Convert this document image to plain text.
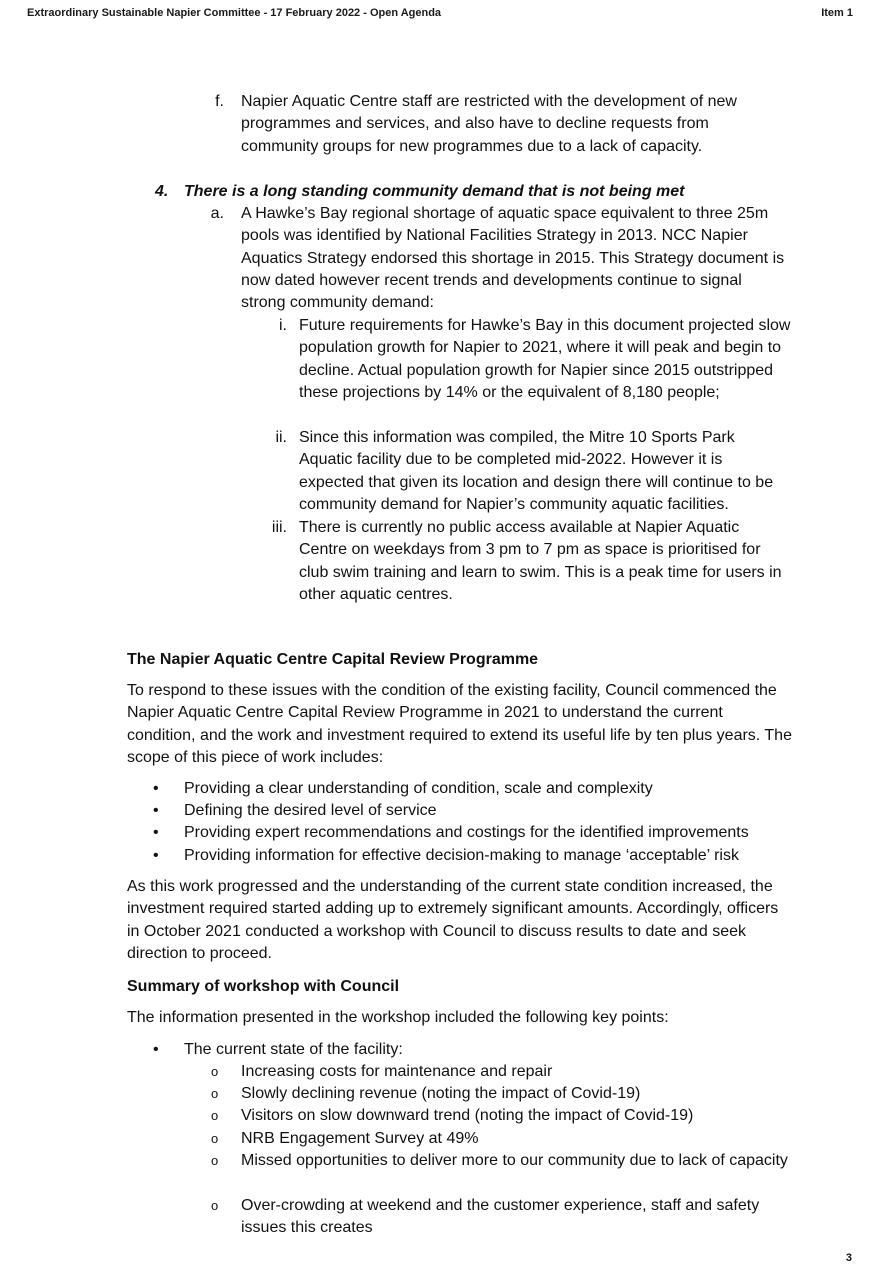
Extraordinary Sustainable Napier Committee - 17 February 2022 - Open Agenda	Item 1
f. Napier Aquatic Centre staff are restricted with the development of new programmes and services, and also have to decline requests from community groups for new programmes due to a lack of capacity.
4. There is a long standing community demand that is not being met
a. A Hawke’s Bay regional shortage of aquatic space equivalent to three 25m pools was identified by National Facilities Strategy in 2013. NCC Napier Aquatics Strategy endorsed this shortage in 2015. This Strategy document is now dated however recent trends and developments continue to signal strong community demand:
i. Future requirements for Hawke’s Bay in this document projected slow population growth for Napier to 2021, where it will peak and begin to decline. Actual population growth for Napier since 2015 outstripped these projections by 14% or the equivalent of 8,180 people;
ii. Since this information was compiled, the Mitre 10 Sports Park Aquatic facility due to be completed mid-2022. However it is expected that given its location and design there will continue to be community demand for Napier’s community aquatic facilities.
iii. There is currently no public access available at Napier Aquatic Centre on weekdays from 3 pm to 7 pm as space is prioritised for club swim training and learn to swim. This is a peak time for users in other aquatic centres.
The Napier Aquatic Centre Capital Review Programme
To respond to these issues with the condition of the existing facility, Council commenced the Napier Aquatic Centre Capital Review Programme in 2021 to understand the current condition, and the work and investment required to extend its useful life by ten plus years. The scope of this piece of work includes:
• Providing a clear understanding of condition, scale and complexity
• Defining the desired level of service
• Providing expert recommendations and costings for the identified improvements
• Providing information for effective decision-making to manage ‘acceptable’ risk
As this work progressed and the understanding of the current state condition increased, the investment required started adding up to extremely significant amounts. Accordingly, officers in October 2021 conducted a workshop with Council to discuss results to date and seek direction to proceed.
Summary of workshop with Council
The information presented in the workshop included the following key points:
• The current state of the facility:
o Increasing costs for maintenance and repair
o Slowly declining revenue (noting the impact of Covid-19)
o Visitors on slow downward trend (noting the impact of Covid-19)
o NRB Engagement Survey at 49%
o Missed opportunities to deliver more to our community due to lack of capacity
o Over-crowding at weekend and the customer experience, staff and safety issues this creates
3
